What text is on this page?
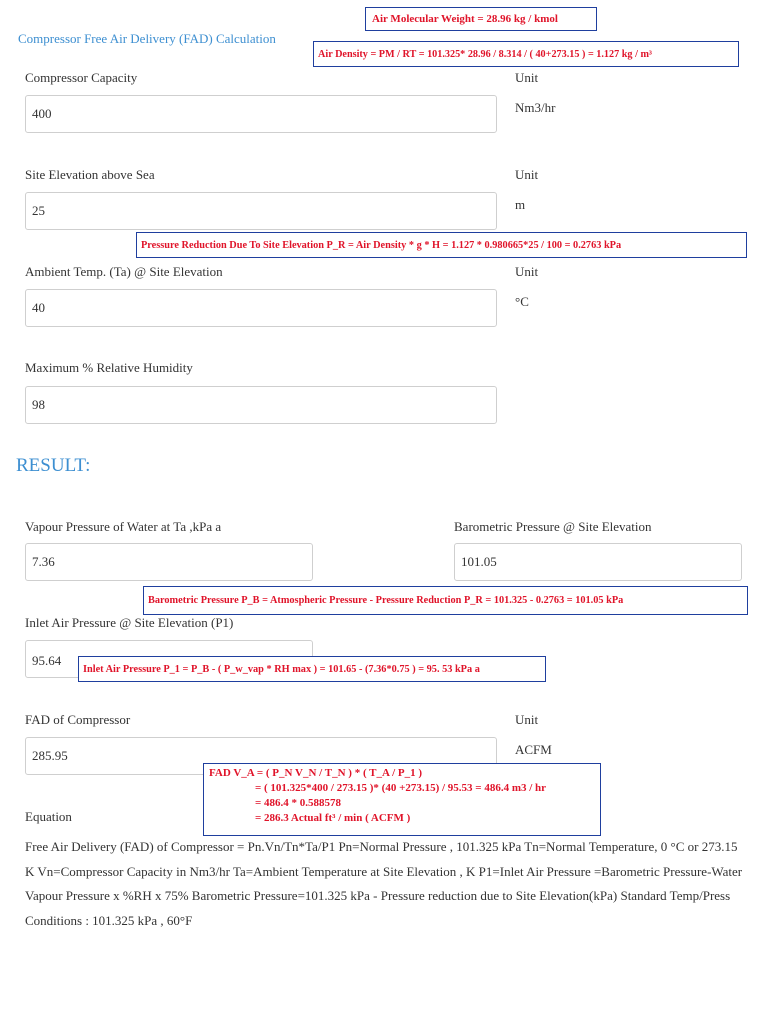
Compressor Free Air Delivery (FAD) Calculation
Compressor Capacity	Unit
400	Nm3/hr
Site Elevation above Sea	Unit
25	m
Ambient Temp. (Ta) @ Site Elevation	Unit
40	°C
Maximum % Relative Humidity
98
RESULT:
Vapour Pressure of Water at Ta ,kPa a
7.36
Barometric Pressure @ Site Elevation
101.05
Inlet Air Pressure @ Site Elevation (P1)
95.64
FAD of Compressor	Unit
285.95	ACFM
Equation
Free Air Delivery (FAD) of Compressor = Pn.Vn/Tn*Ta/P1 Pn=Normal Pressure , 101.325 kPa Tn=Normal Temperature, 0 °C or 273.15 K Vn=Compressor Capacity in Nm3/hr Ta=Ambient Temperature at Site Elevation , K P1=Inlet Air Pressure =Barometric Pressure-Water Vapour Pressure x %RH x 75% Barometric Pressure=101.325 kPa - Pressure reduction due to Site Elevation(kPa) Standard Temp/Press Conditions : 101.325 kPa , 60°F
Air Molecular Weight = 28.96 kg / kmol
Air Density = PM / RT = 101.325* 28.96 / 8.314 / ( 40+273.15 ) = 1.127 kg / m³
Pressure Reduction Due To Site Elevation P_R = Air Density * g * H = 1.127 * 0.980665*25 / 100 = 0.2763 kPa
Barometric Pressure P_B = Atmospheric Pressure - Pressure Reduction P_R = 101.325 - 0.2763 = 101.05 kPa
Inlet Air Pressure P_1 = P_B - ( P_w_vap * RH max ) = 101.65 - (7.36*0.75 ) = 95. 53 kPa a
FAD V_A = ( P_N V_N / T_N ) * ( T_A / P_1 )
= ( 101.325*400 / 273.15 )* (40 +273.15) / 95.53 = 486.4 m3 / hr
= 486.4 * 0.588578
= 286.3 Actual ft³ / min ( ACFM )
